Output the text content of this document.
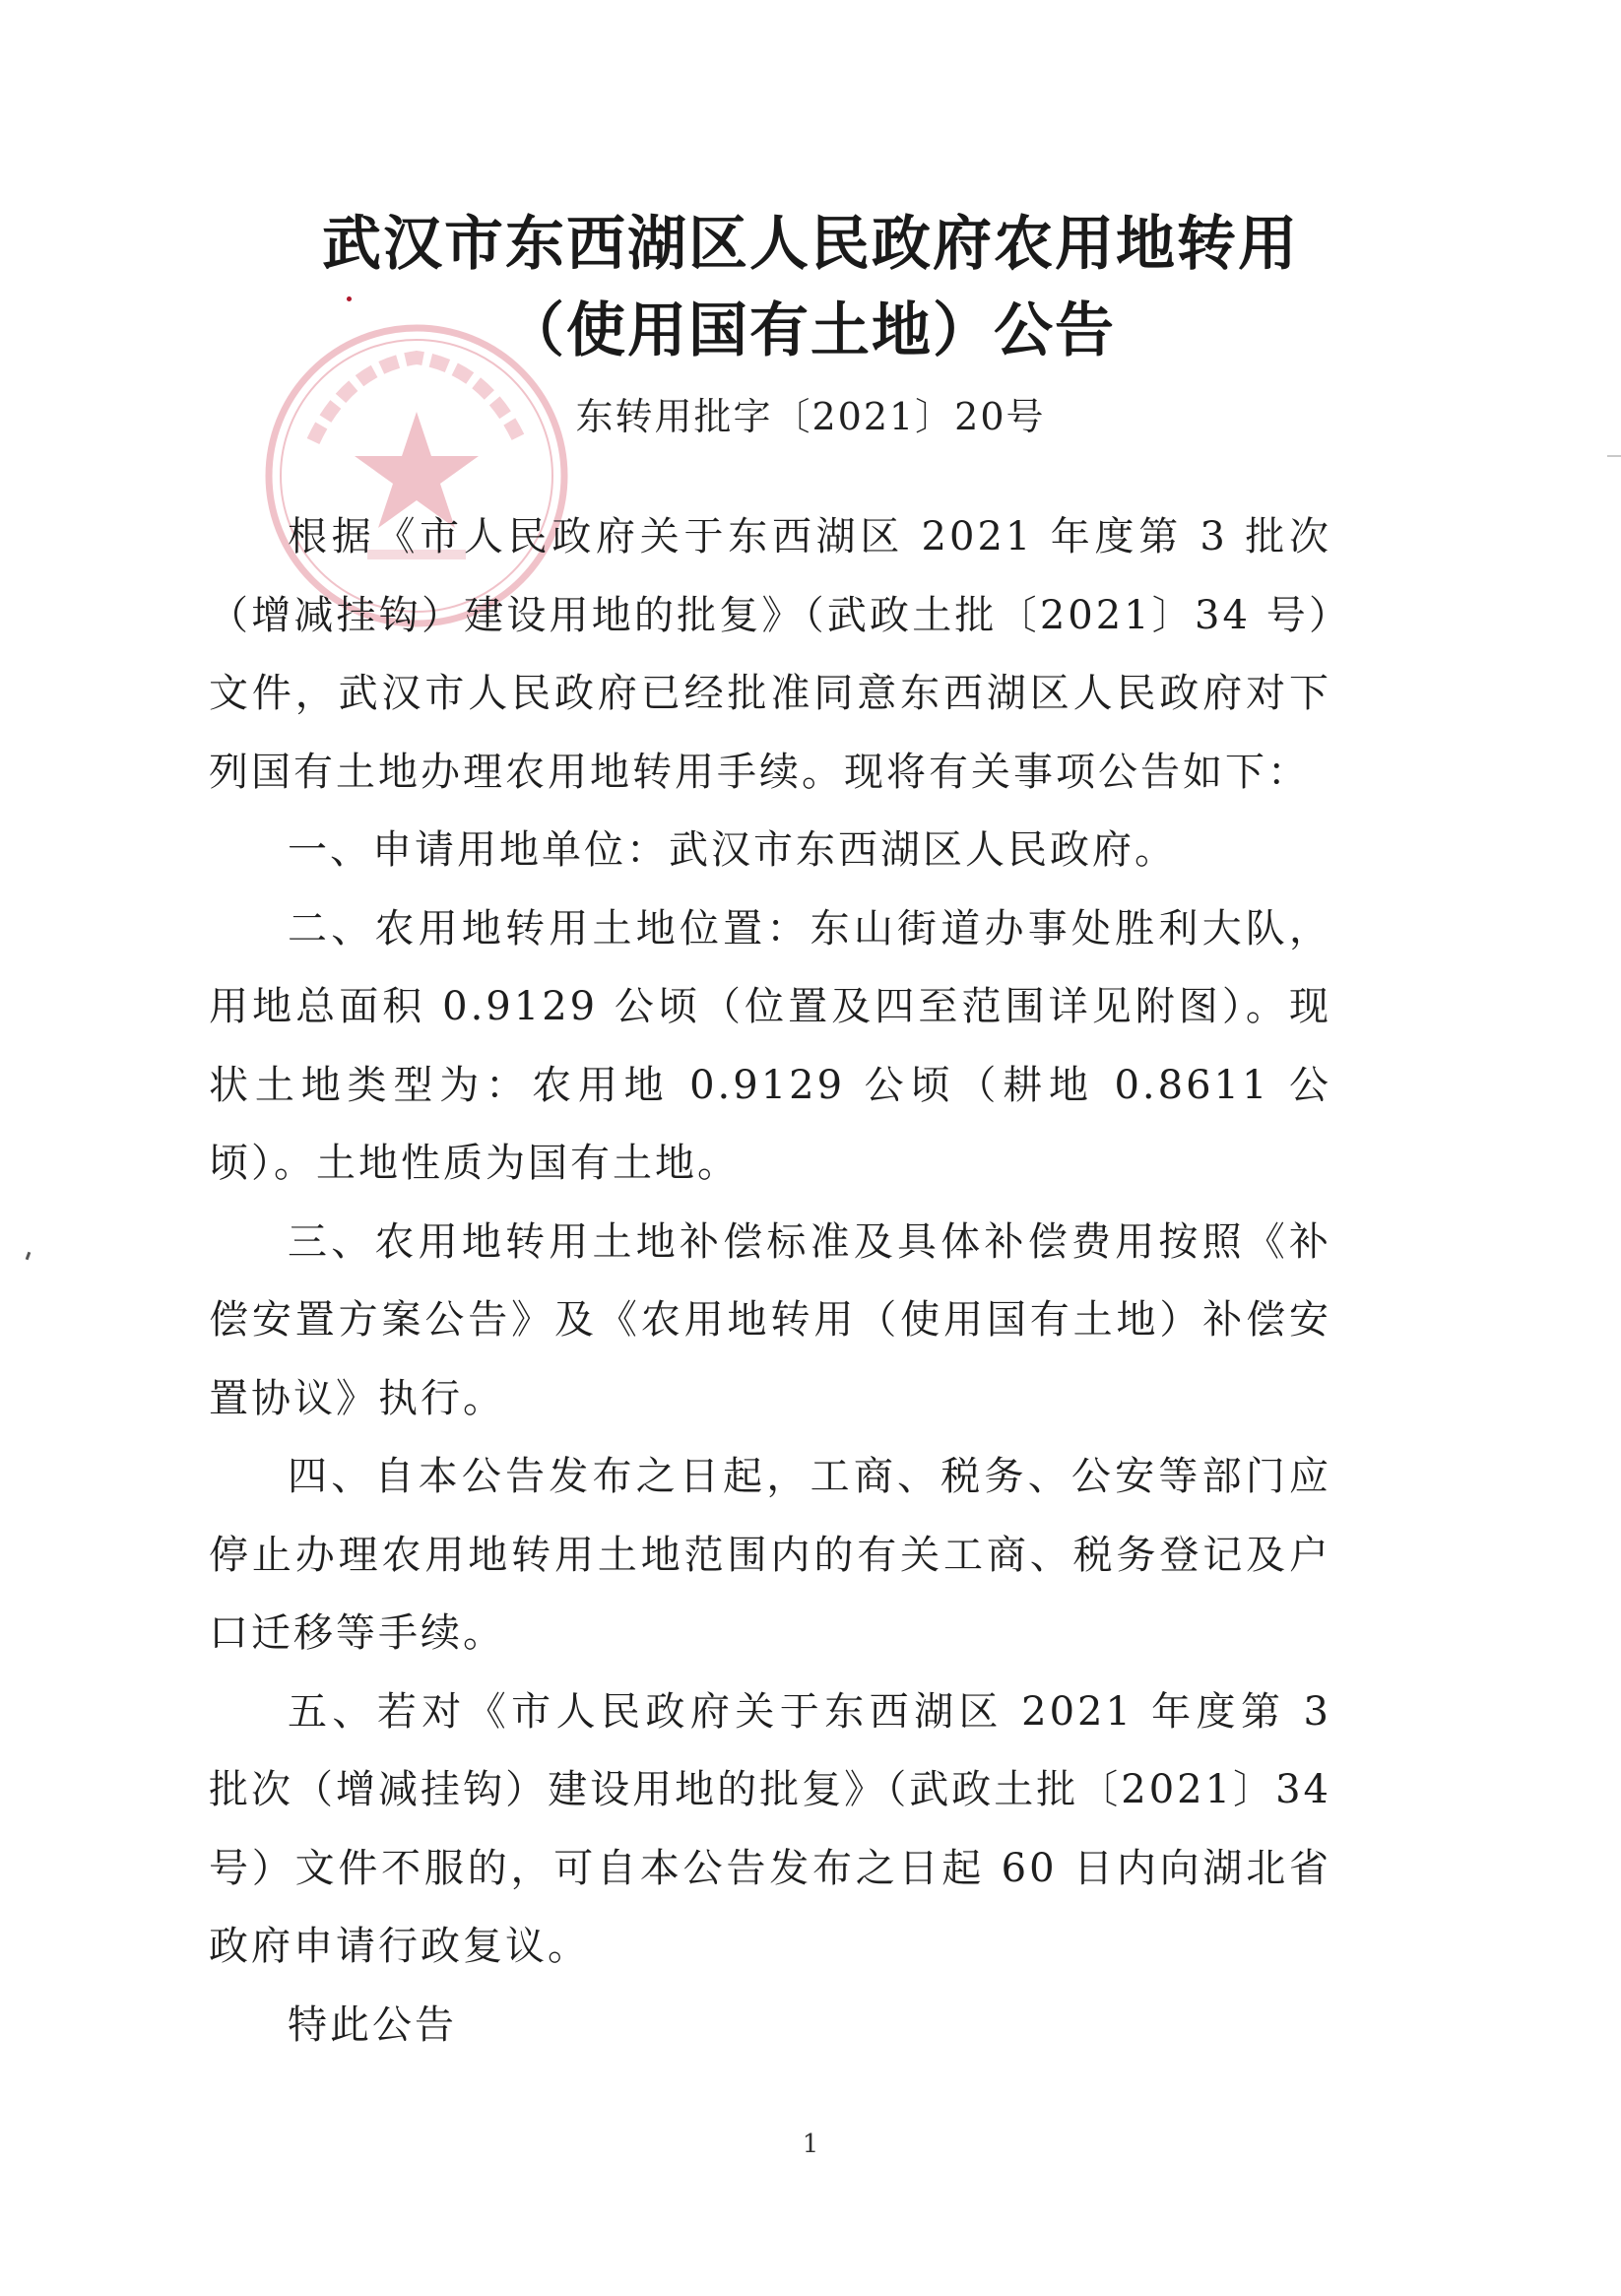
武汉市东西湖区人民政府农用地转用
（使用国有土地）公告
东转用批字〔2021〕20号

根据《市人民政府关于东西湖区 2021 年度第 3 批次（增减挂钩）建设用地的批复》（武政土批〔2021〕34 号）文件，武汉市人民政府已经批准同意东西湖区人民政府对下列国有土地办理农用地转用手续。现将有关事项公告如下：

一、申请用地单位：武汉市东西湖区人民政府。

二、农用地转用土地位置：东山街道办事处胜利大队，用地总面积 0.9129 公顷（位置及四至范围详见附图）。现状土地类型为：农用地 0.9129 公顷（耕地 0.8611 公顷）。土地性质为国有土地。

三、农用地转用土地补偿标准及具体补偿费用按照《补偿安置方案公告》及《农用地转用（使用国有土地）补偿安置协议》执行。

四、自本公告发布之日起，工商、税务、公安等部门应停止办理农用地转用土地范围内的有关工商、税务登记及户口迁移等手续。

五、若对《市人民政府关于东西湖区 2021 年度第 3 批次（增减挂钩）建设用地的批复》（武政土批〔2021〕34 号）文件不服的，可自本公告发布之日起 60 日内向湖北省政府申请行政复议。

特此公告

1
